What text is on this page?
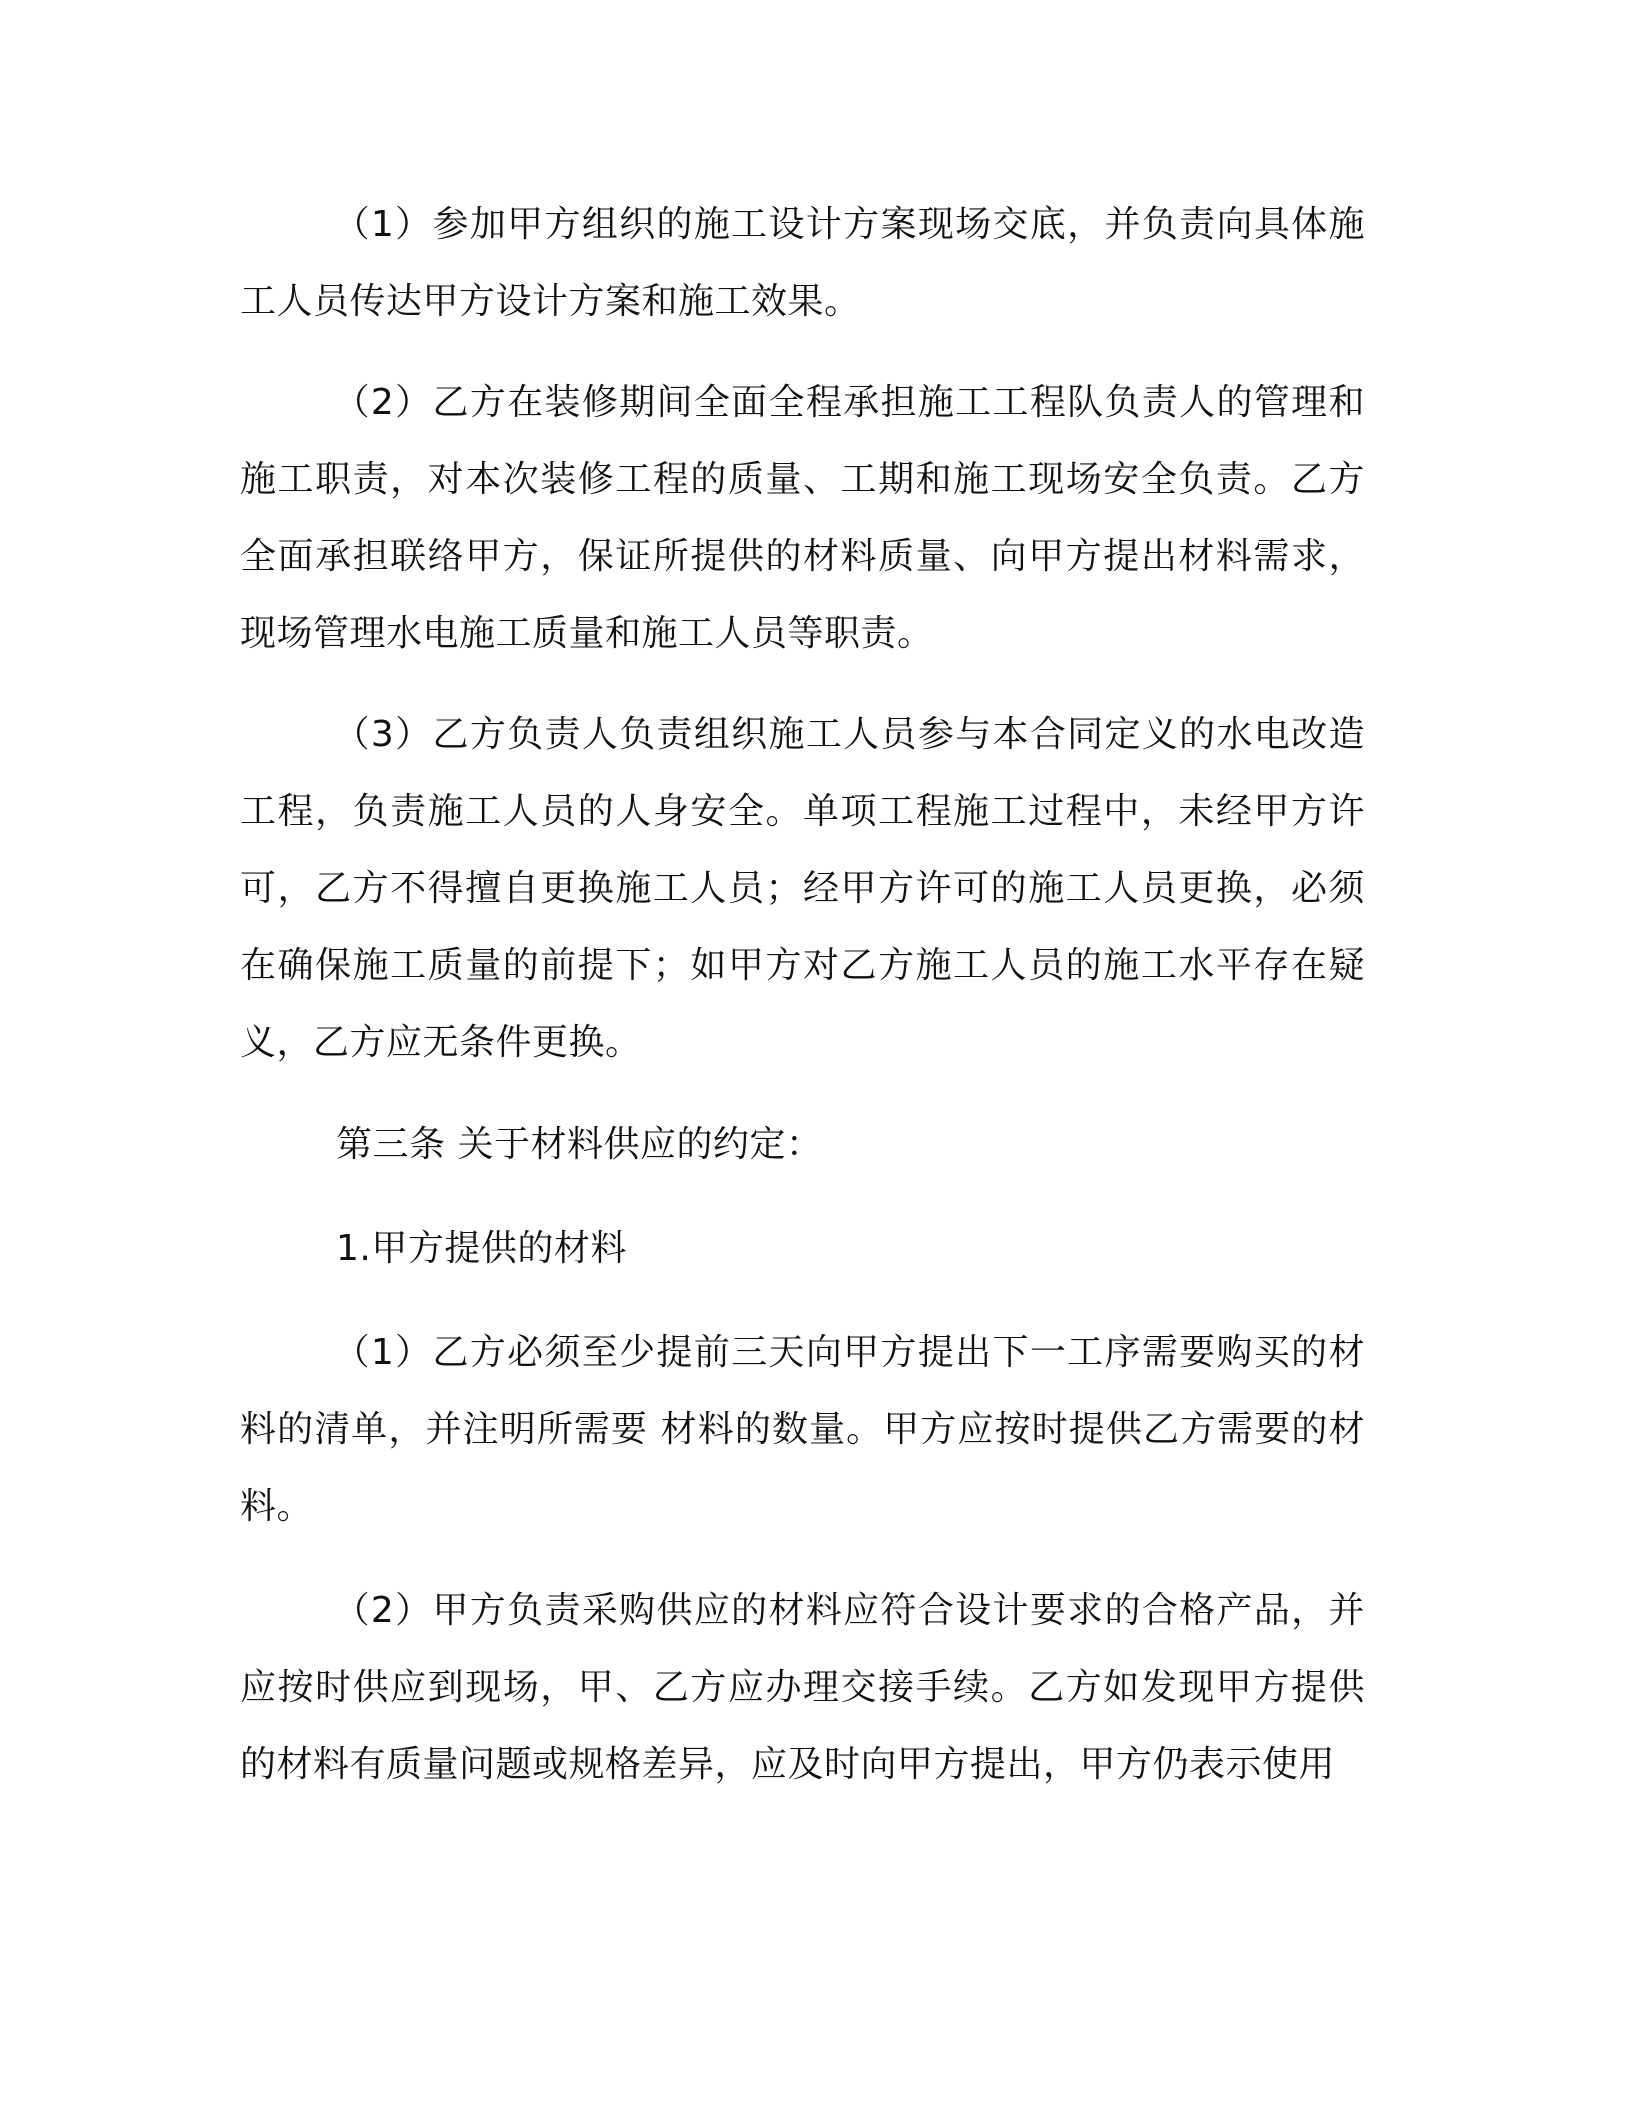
（1）参加甲方组织的施工设计方案现场交底，并负责向具体施工人员传达甲方设计方案和施工效果。

（2）乙方在装修期间全面全程承担施工工程队负责人的管理和施工职责，对本次装修工程的质量、工期和施工现场安全负责。乙方全面承担联络甲方，保证所提供的材料质量、向甲方提出材料需求，现场管理水电施工质量和施工人员等职责。

（3）乙方负责人负责组织施工人员参与本合同定义的水电改造工程，负责施工人员的人身安全。单项工程施工过程中，未经甲方许可，乙方不得擅自更换施工人员；经甲方许可的施工人员更换，必须在确保施工质量的前提下；如甲方对乙方施工人员的施工水平存在疑义，乙方应无条件更换。

第三条 关于材料供应的约定：

1.甲方提供的材料

（1）乙方必须至少提前三天向甲方提出下一工序需要购买的材料的清单，并注明所需要 材料的数量。甲方应按时提供乙方需要的材料。

（2）甲方负责采购供应的材料应符合设计要求的合格产品，并应按时供应到现场，甲、乙方应办理交接手续。乙方如发现甲方提供的材料有质量问题或规格差异，应及时向甲方提出，甲方仍表示使用
